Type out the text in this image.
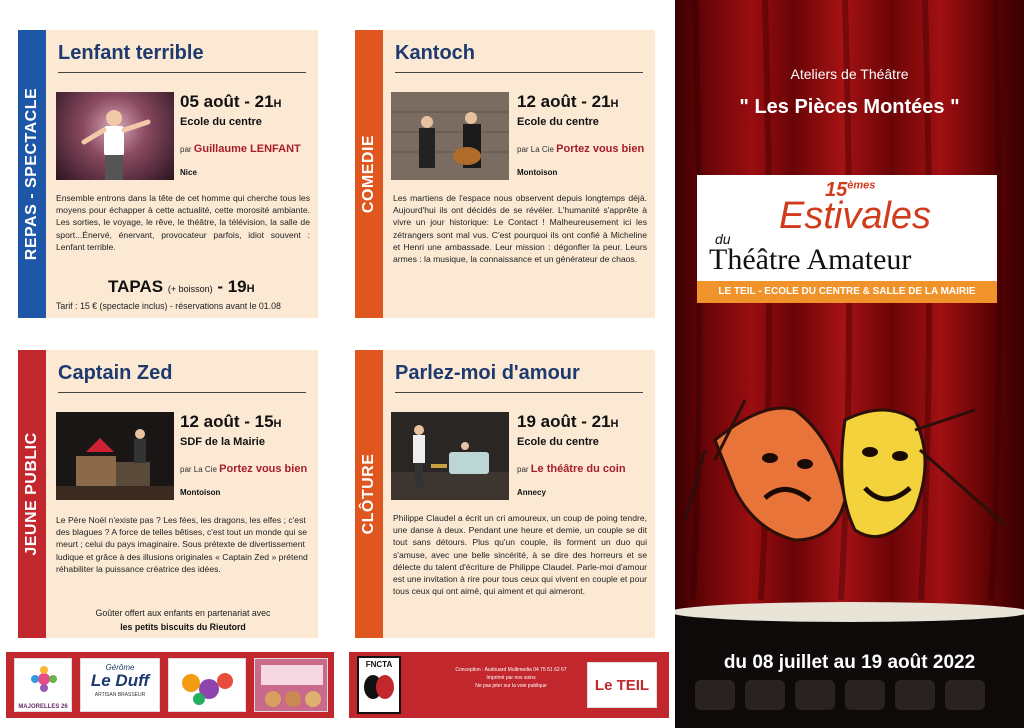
REPAS - SPECTACLE
Lenfant terrible
05 août - 21H
Ecole du centre
par Guillaume LENFANT
Nice
Ensemble entrons dans la tête de cet homme qui cherche tous les moyens pour échapper à cette actualité, cette morosité ambiante. Les sorties, le voyage, le rêve, le théâtre, la télévision, la salle de sport...Énervé, énervant, provocateur parfois, idiot souvent : Lenfant terrible.
TAPAS (+ boisson) - 19H
Tarif : 15 € (spectacle inclus) - réservations avant le 01.08
COMEDIE
Kantoch
12 août - 21H
Ecole du centre
par La Cie Portez vous bien
Montoison
Les martiens de l'espace nous observent depuis longtemps déjà. Aujourd'hui ils ont décidés de se révéler. L'humanité s'apprête à vivre un jour historique: Le Contact ! Malheureusement ici les zétrangers sont mal vus. C'est pourquoi ils ont confié à Micheline et Henri une ambassade. Leur mission : dégonfler la peur. Leurs armes : la musique, la connaissance et un générateur de chaos.
JEUNE PUBLIC
Captain Zed
12 août - 15H
SDF de la Mairie
par La Cie Portez vous bien
Montoison
Le Père Noël n'existe pas ? Les fées, les dragons, les elfes ; c'est des blagues ? A force de telles bêtises, c'est tout un monde qui se meurt ; celui du pays imaginaire. Sous prétexte de divertissement ludique et grâce à des illusions originales « Captain Zed » prétend réhabiliter la puissance créatrice des idées.
Goûter offert aux enfants en partenariat avec
les petits biscuits du Rieutord
CLÔTURE
Parlez-moi d'amour
19 août - 21H
Ecole du centre
par Le théâtre du coin
Annecy
Philippe Claudel a écrit un cri amoureux, un coup de poing tendre, une danse à deux. Pendant une heure et demie, un couple se dit tout sans détours. Plus qu'un couple, ils forment un duo qui s'amuse, avec une belle sincérité, à se dire des horreurs et se délecte du talent d'écriture de Philippe Claudel. Parle-moi d'amour est une invitation à rire pour tous ceux qui vivent en couple et pour tous ceux qui ont aimé, qui aiment et qui aimeront.
MAJORELLES 26
Gérôme
Le Duff
ARTISAN BRASSEUR
FNCTA
Conception : Audouard Multimedia 04 75 51 62 67
Imprimé par nos soins
Ne pas jeter sur la voie publique	Le TEIL
Ateliers de Théâtre
" Les Pièces Montées "
15èmes
Estivales
du
Théâtre Amateur
LE TEIL - ECOLE DU CENTRE & SALLE DE LA MAIRIE
du 08 juillet au 19 août 2022
